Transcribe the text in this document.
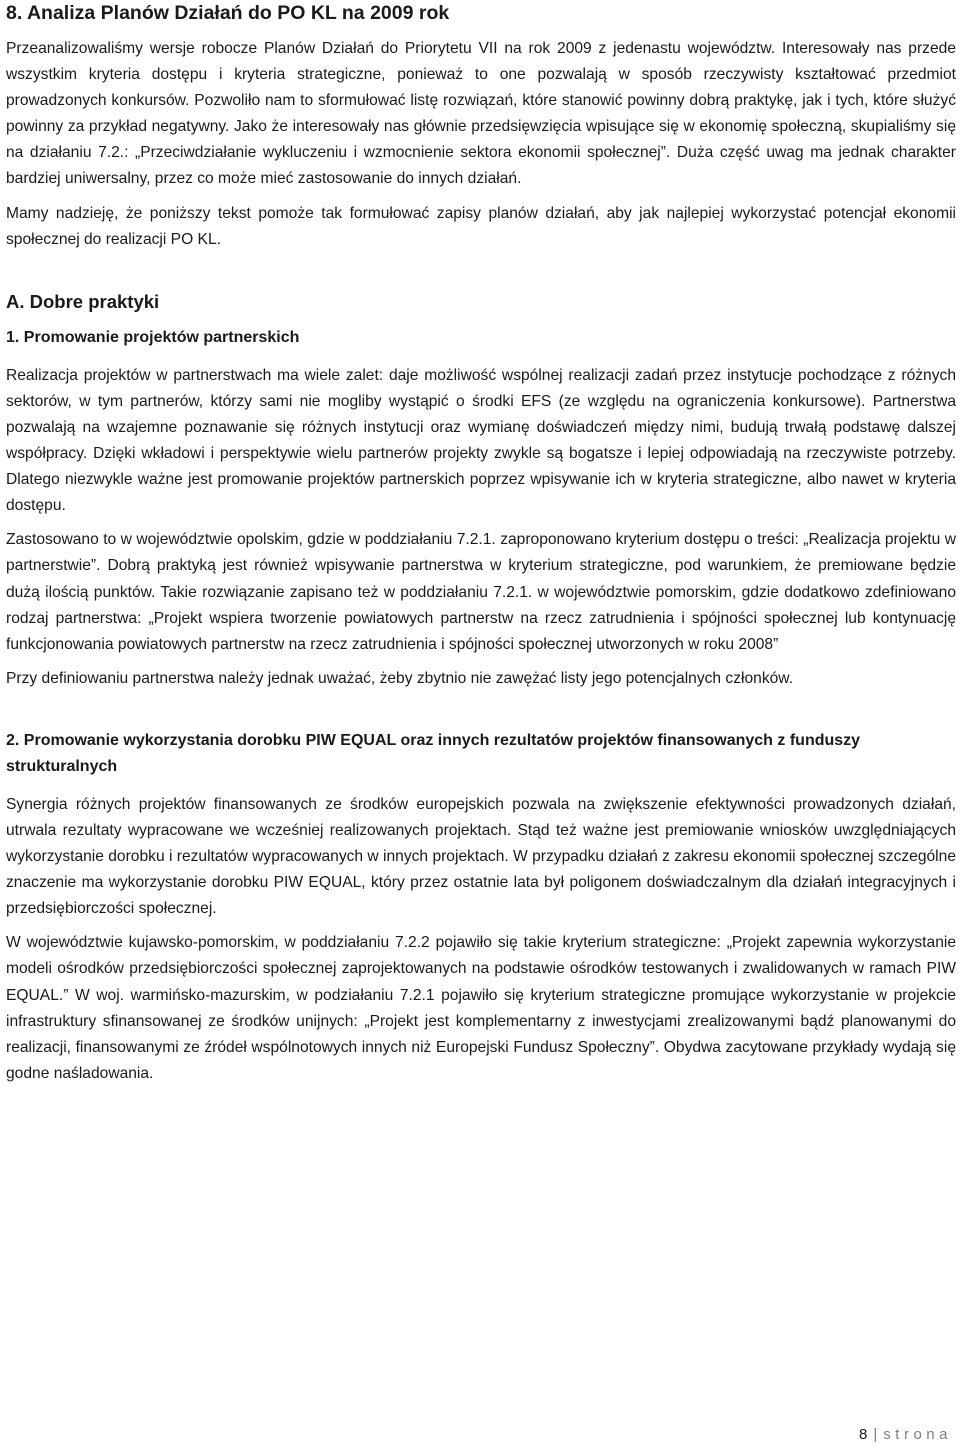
8. Analiza Planów Działań do PO KL na 2009 rok

Przeanalizowaliśmy wersje robocze Planów Działań do Priorytetu VII na rok 2009 z jedenastu województw. Interesowały nas przede wszystkim kryteria dostępu i kryteria strategiczne, ponieważ to one pozwalają w sposób rzeczywisty kształtować przedmiot prowadzonych konkursów. Pozwoliło nam to sformułować listę rozwiązań, które stanowić powinny dobrą praktykę, jak i tych, które służyć powinny za przykład negatywny. Jako że interesowały nas głównie przedsięwzięcia wpisujące się w ekonomię społeczną, skupialiśmy się na działaniu 7.2.: „Przeciwdziałanie wykluczeniu i wzmocnienie sektora ekonomii społecznej”. Duża część uwag ma jednak charakter bardziej uniwersalny, przez co może mieć zastosowanie do innych działań.

Mamy nadzieję, że poniższy tekst pomoże tak formułować zapisy planów działań, aby jak najlepiej wykorzystać potencjał ekonomii społecznej do realizacji PO KL.

A. Dobre praktyki
1. Promowanie projektów partnerskich

Realizacja projektów w partnerstwach ma wiele zalet: daje możliwość wspólnej realizacji zadań przez instytucje pochodzące z różnych sektorów, w tym partnerów, którzy sami nie mogliby wystąpić o środki EFS (ze względu na ograniczenia konkursowe). Partnerstwa pozwalają na wzajemne poznawanie się różnych instytucji oraz wymianę doświadczeń między nimi, budują trwałą podstawę dalszej współpracy. Dzięki wkładowi i perspektywie wielu partnerów projekty zwykle są bogatsze i lepiej odpowiadają na rzeczywiste potrzeby. Dlatego niezwykle ważne jest promowanie projektów partnerskich poprzez wpisywanie ich w kryteria strategiczne, albo nawet w kryteria dostępu.

Zastosowano to w województwie opolskim, gdzie w poddziałaniu 7.2.1. zaproponowano kryterium dostępu o treści: „Realizacja projektu w partnerstwie”. Dobrą praktyką jest również wpisywanie partnerstwa w kryterium strategiczne, pod warunkiem, że premiowane będzie dużą ilością punktów. Takie rozwiązanie zapisano też w poddziałaniu 7.2.1. w województwie pomorskim, gdzie dodatkowo zdefiniowano rodzaj partnerstwa: „Projekt wspiera tworzenie powiatowych partnerstw na rzecz zatrudnienia i spójności społecznej lub kontynuację funkcjonowania powiatowych partnerstw na rzecz zatrudnienia i spójności społecznej utworzonych w roku 2008”

Przy definiowaniu partnerstwa należy jednak uważać, żeby zbytnio nie zawężać listy jego potencjalnych członków.

2. Promowanie wykorzystania dorobku PIW EQUAL oraz innych rezultatów projektów finansowanych z funduszy strukturalnych

Synergia różnych projektów finansowanych ze środków europejskich pozwala na zwiększenie efektywności prowadzonych działań, utrwala rezultaty wypracowane we wcześniej realizowanych projektach. Stąd też ważne jest premiowanie wniosków uwzględniających wykorzystanie dorobku i rezultatów wypracowanych w innych projektach. W przypadku działań z zakresu ekonomii społecznej szczególne znaczenie ma wykorzystanie dorobku PIW EQUAL, który przez ostatnie lata był poligonem doświadczalnym dla działań integracyjnych i przedsiębiorczości społecznej.

W województwie kujawsko-pomorskim, w poddziałaniu 7.2.2 pojawiło się takie kryterium strategiczne: „Projekt zapewnia wykorzystanie modeli ośrodków przedsiębiorczości społecznej zaprojektowanych na podstawie ośrodków testowanych i zwalidowanych w ramach PIW EQUAL.” W woj. warmińsko-mazurskim, w podziałaniu 7.2.1 pojawiło się kryterium strategiczne promujące wykorzystanie w projekcie infrastruktury sfinansowanej ze środków unijnych: „Projekt jest komplementarny z inwestycjami zrealizowanymi bądź planowanymi do realizacji, finansowanymi ze źródeł wspólnotowych innych niż Europejski Fundusz Społeczny”. Obydwa zacytowane przykłady wydają się godne naśladowania.

8 | strona
